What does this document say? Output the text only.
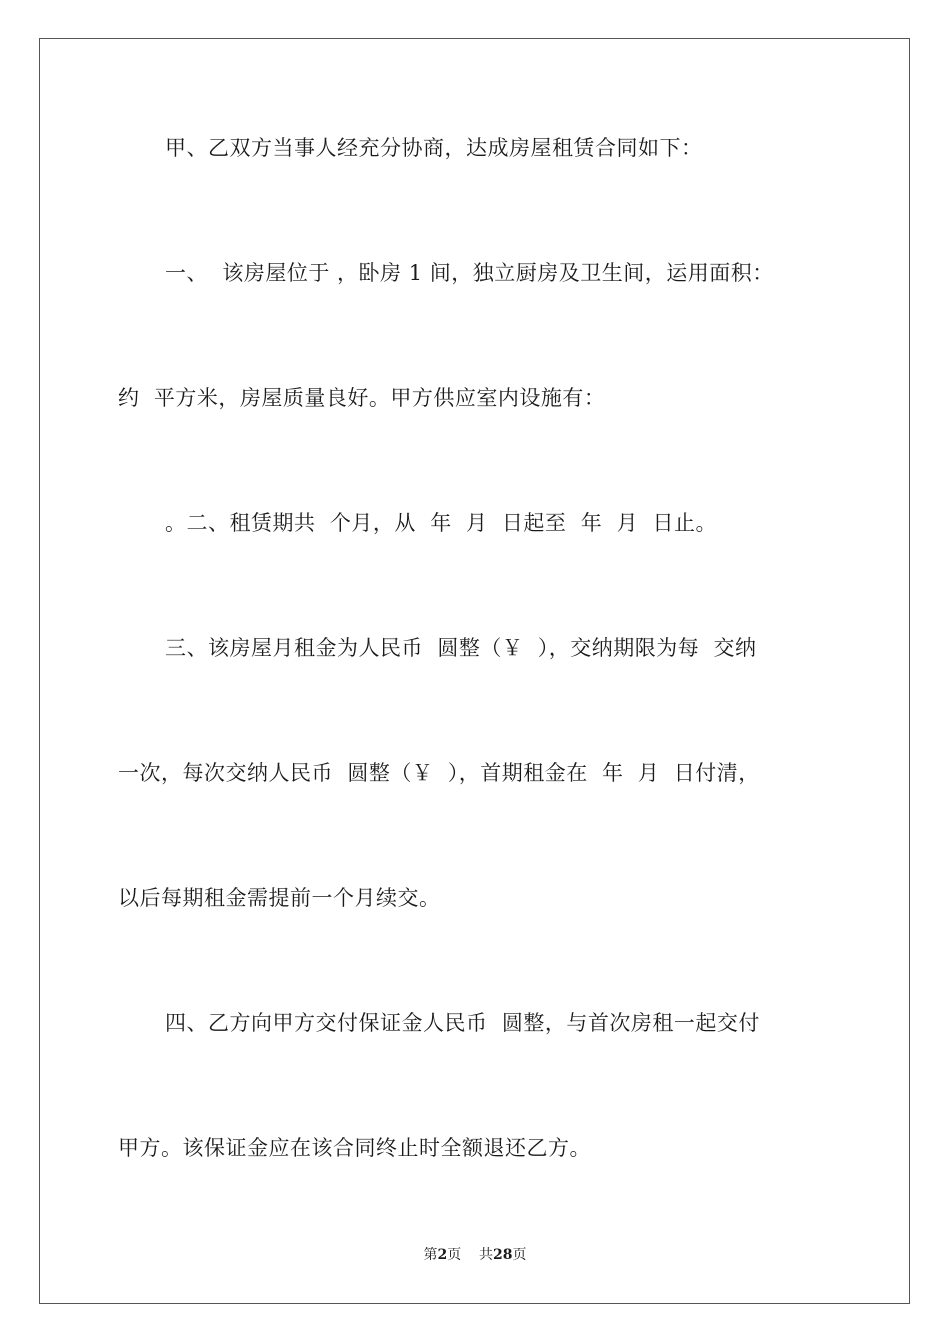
甲、乙双方当事人经充分协商，达成房屋租赁合同如下：
一、  该房屋位于 ，卧房 1 间，独立厨房及卫生间，运用面积：
约  平方米，房屋质量良好。甲方供应室内设施有：
。二、租赁期共  个月，从  年  月  日起至  年  月  日止。
三、该房屋月租金为人民币  圆整（￥  ），交纳期限为每  交纳
一次，每次交纳人民币  圆整（￥  ），首期租金在  年  月  日付清，
以后每期租金需提前一个月续交。
四、乙方向甲方交付保证金人民币  圆整，与首次房租一起交付
甲方。该保证金应在该合同终止时全额退还乙方。
第2页    共28页
